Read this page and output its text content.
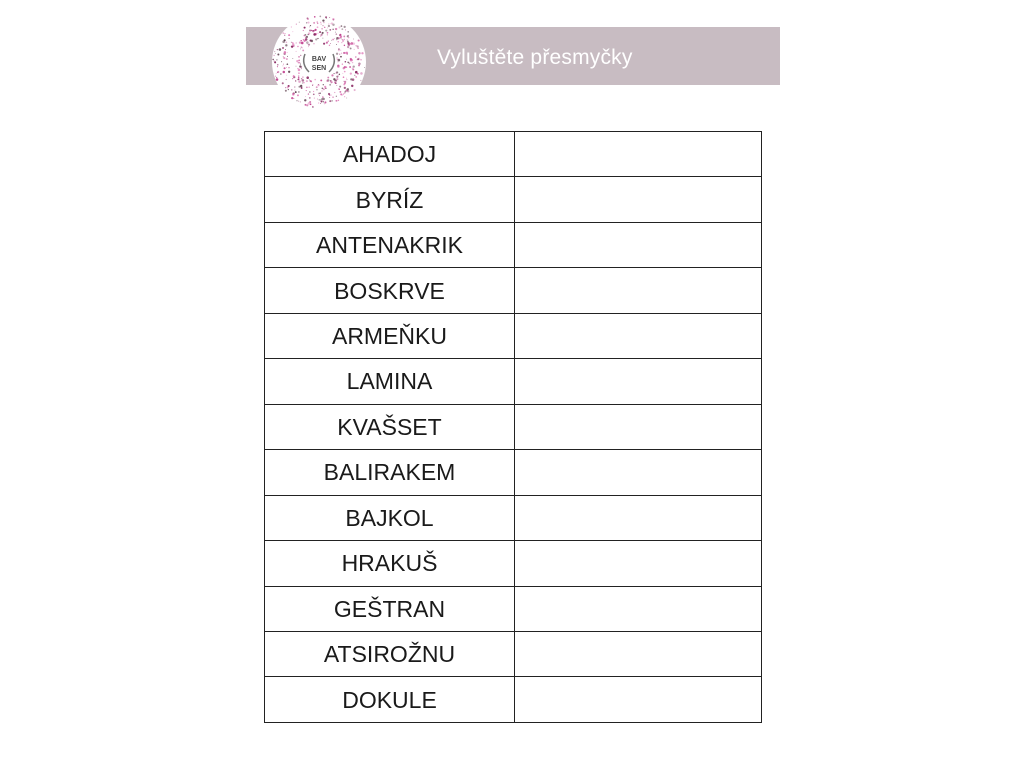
BAV
SEN	Vyluštěte přesmyčky
AHADOJ	
BYRÍZ	
ANTENAKRIK	
BOSKRVE	
ARMEŇKU	
LAMINA	
KVAŠSET	
BALIRAKEM	
BAJKOL	
HRAKUŠ	
GEŠTRAN	
ATSIROŽNU	
DOKULE	
